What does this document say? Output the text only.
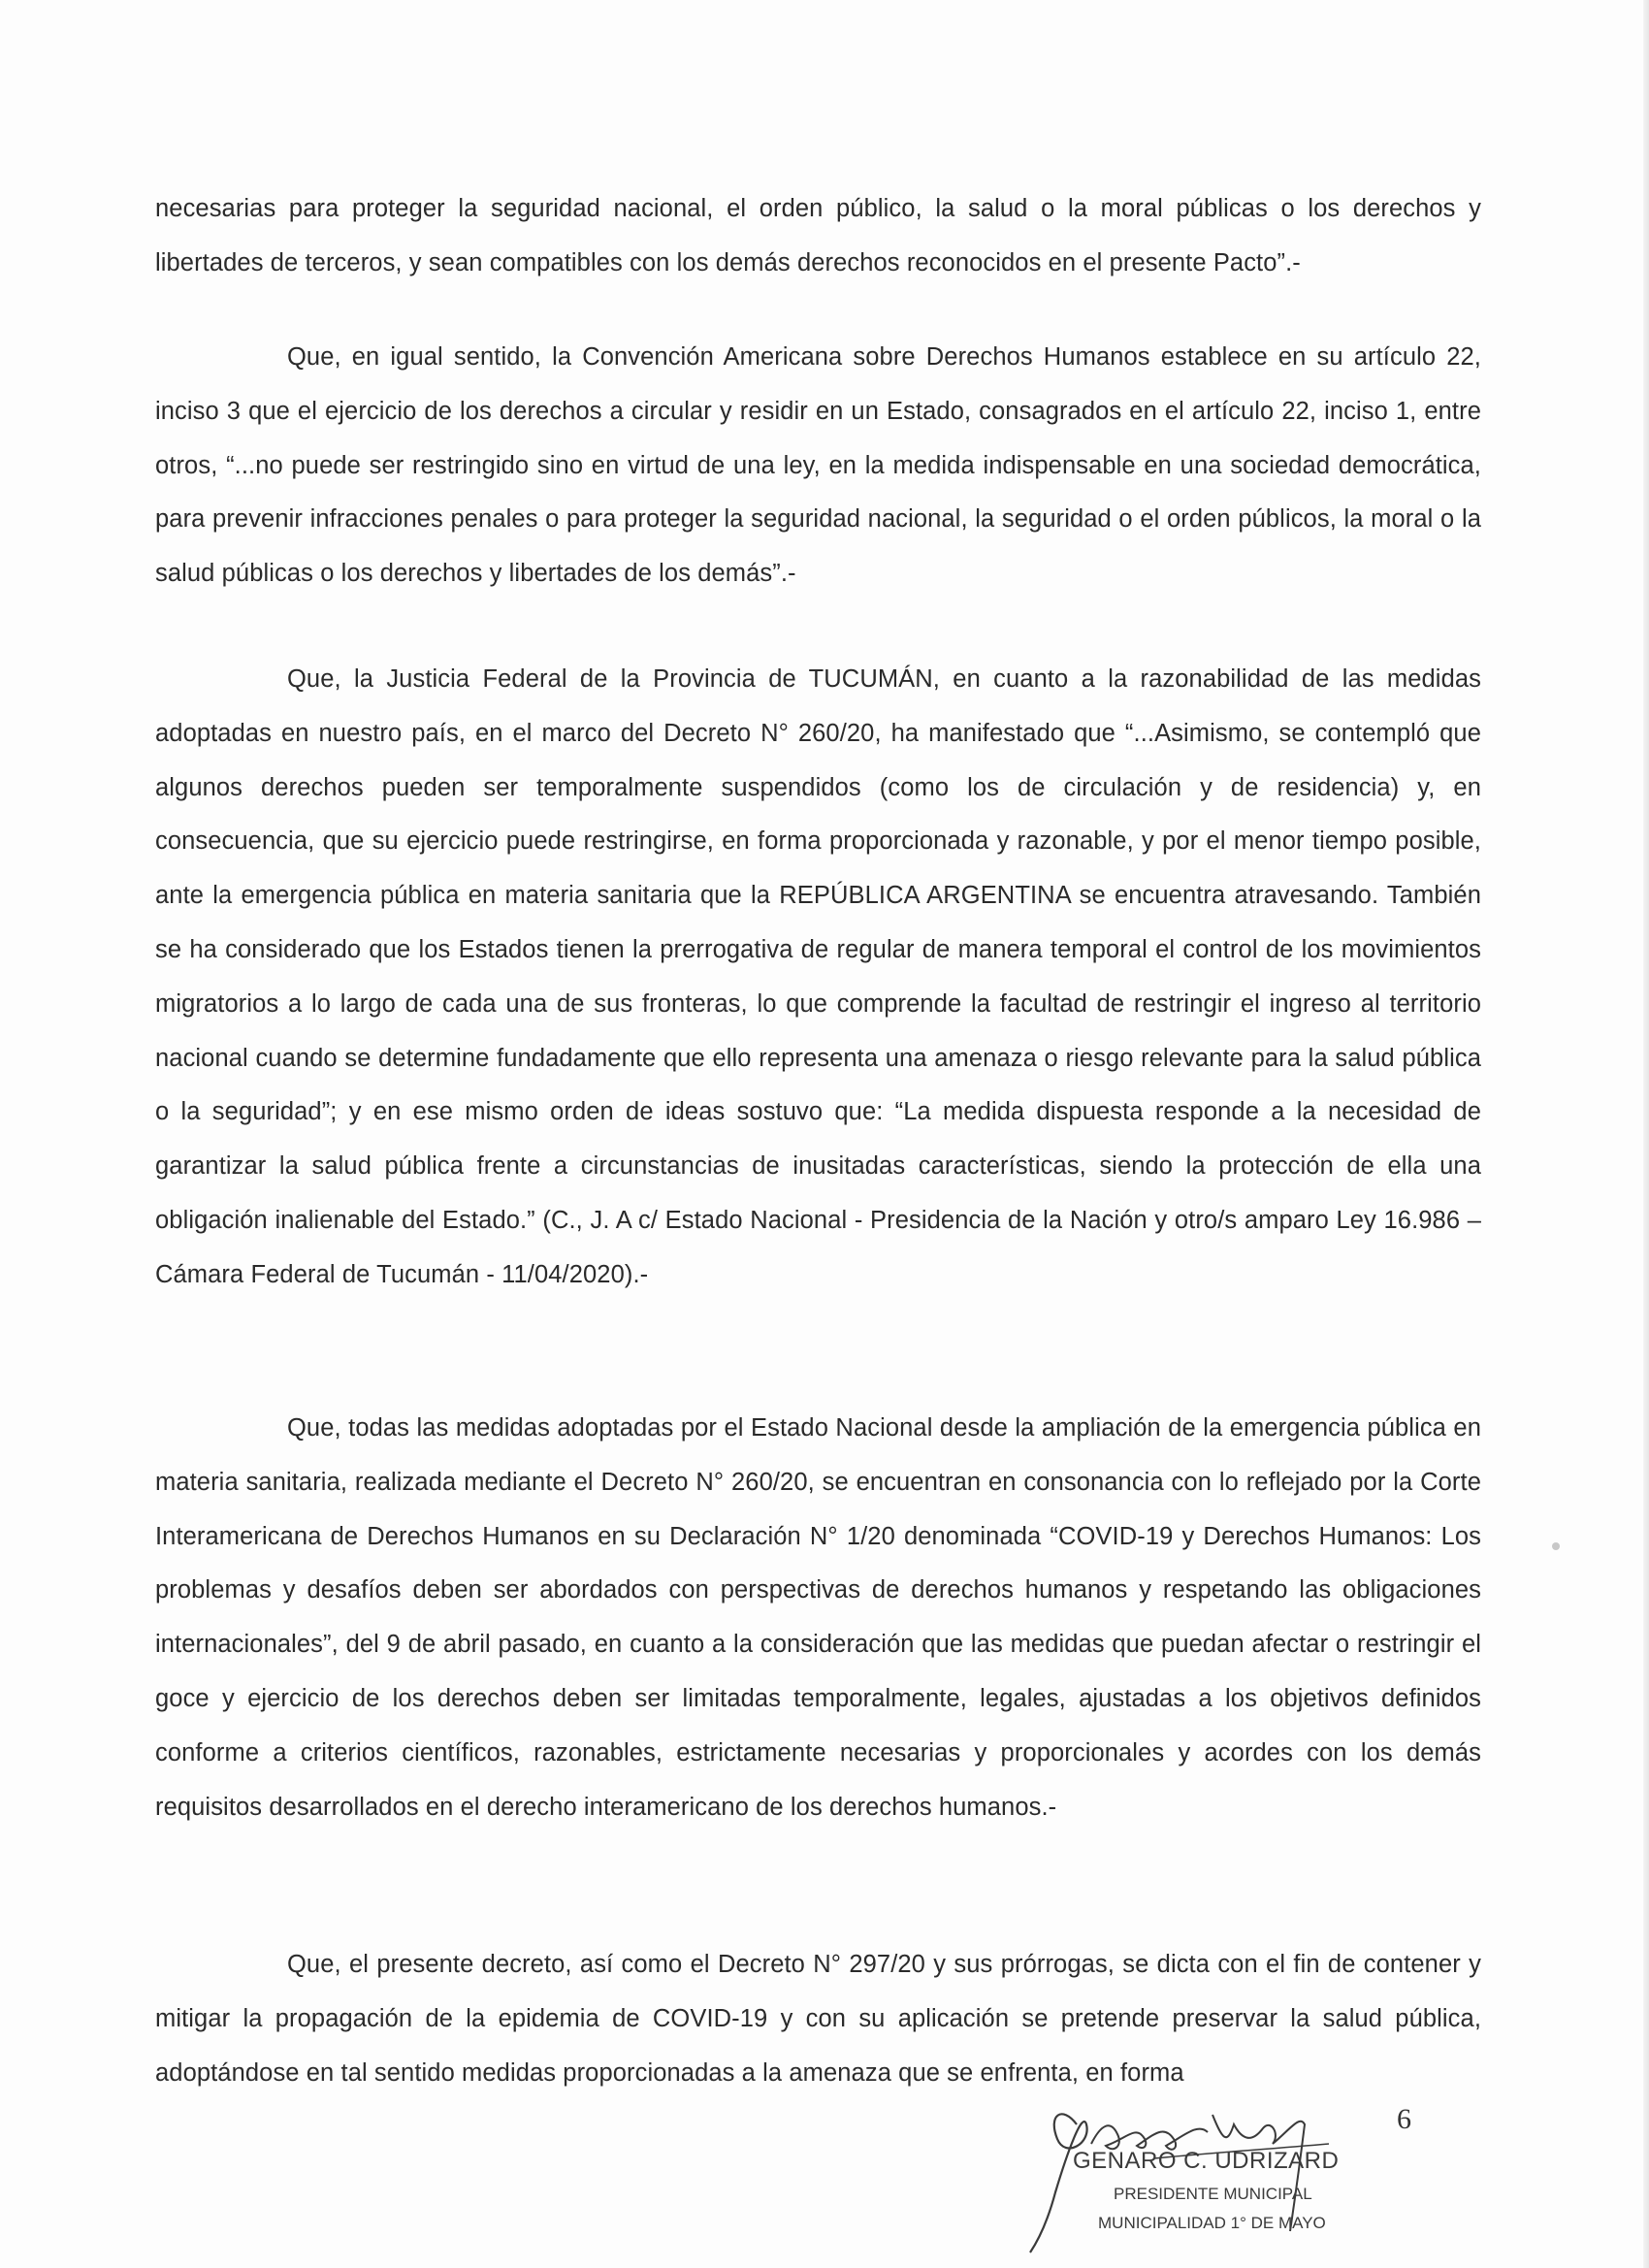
necesarias para proteger la seguridad nacional, el orden público, la salud o la moral públicas o los derechos y libertades de terceros, y sean compatibles con los demás derechos reconocidos en el presente Pacto”.-

Que, en igual sentido, la Convención Americana sobre Derechos Humanos establece en su artículo 22, inciso 3 que el ejercicio de los derechos a circular y residir en un Estado, consagrados en el artículo 22, inciso 1, entre otros, “...no puede ser restringido sino en virtud de una ley, en la medida indispensable en una sociedad democrática, para prevenir infracciones penales o para proteger la seguridad nacional, la seguridad o el orden públicos, la moral o la salud públicas o los derechos y libertades de los demás”.-

Que, la Justicia Federal de la Provincia de TUCUMÁN, en cuanto a la razonabilidad de las medidas adoptadas en nuestro país, en el marco del Decreto N° 260/20, ha manifestado que “...Asimismo, se contempló que algunos derechos pueden ser temporalmente suspendidos (como los de circulación y de residencia) y, en consecuencia, que su ejercicio puede restringirse, en forma proporcionada y razonable, y por el menor tiempo posible, ante la emergencia pública en materia sanitaria que la REPÚBLICA ARGENTINA se encuentra atravesando. También se ha considerado que los Estados tienen la prerrogativa de regular de manera temporal el control de los movimientos migratorios a lo largo de cada una de sus fronteras, lo que comprende la facultad de restringir el ingreso al territorio nacional cuando se determine fundadamente que ello representa una amenaza o riesgo relevante para la salud pública o la seguridad”; y en ese mismo orden de ideas sostuvo que: “La medida dispuesta responde a la necesidad de garantizar la salud pública frente a circunstancias de inusitadas características, siendo la protección de ella una obligación inalienable del Estado.” (C., J. A c/ Estado Nacional - Presidencia de la Nación y otro/s amparo Ley 16.986 – Cámara Federal de Tucumán - 11/04/2020).-

Que, todas las medidas adoptadas por el Estado Nacional desde la ampliación de la emergencia pública en materia sanitaria, realizada mediante el Decreto N° 260/20, se encuentran en consonancia con lo reflejado por la Corte Interamericana de Derechos Humanos en su Declaración N° 1/20 denominada “COVID-19 y Derechos Humanos: Los problemas y desafíos deben ser abordados con perspectivas de derechos humanos y respetando las obligaciones internacionales”, del 9 de abril pasado, en cuanto a la consideración que las medidas que puedan afectar o restringir el goce y ejercicio de los derechos deben ser limitadas temporalmente, legales, ajustadas a los objetivos definidos conforme a criterios científicos, razonables, estrictamente necesarias y proporcionales y acordes con los demás requisitos desarrollados en el derecho interamericano de los derechos humanos.-

Que, el presente decreto, así como el Decreto N° 297/20 y sus prórrogas, se dicta con el fin de contener y mitigar la propagación de la epidemia de COVID-19 y con su aplicación se pretende preservar la salud pública, adoptándose en tal sentido medidas proporcionadas a la amenaza que se enfrenta, en forma

6
GENARO C. UDRIZARD
PRESIDENTE MUNICIPAL
MUNICIPALIDAD 1° DE MAYO
